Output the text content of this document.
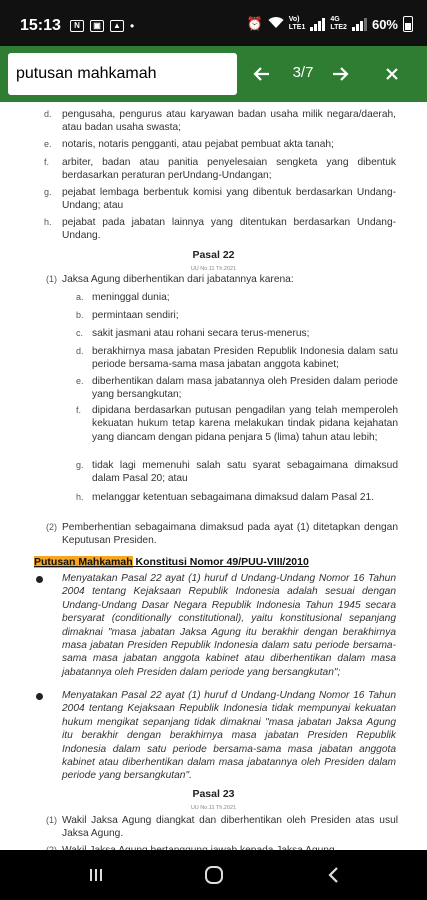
15:13	N	▣	▲ •	⏰	Vo)
LTE1
4G
LTE2 60%
putusan mahkamah
3/7
d. pengusaha, pengurus atau karyawan badan usaha milik negara/daerah, atau badan usaha swasta;
e. notaris, notaris pengganti, atau pejabat pembuat akta tanah;
f. arbiter, badan atau panitia penyelesaian sengketa yang dibentuk berdasarkan peraturan perUndang-Undangan;
g. pejabat lembaga berbentuk komisi yang dibentuk berdasarkan Undang-Undang; atau
h. pejabat pada jabatan lainnya yang ditentukan berdasarkan Undang-Undang.
Pasal 22
UU No.11 Th.2021
(1) Jaksa Agung diberhentikan dari jabatannya karena:
a. meninggal dunia;
b. permintaan sendiri;
c. sakit jasmani atau rohani secara terus-menerus;
d. berakhirnya masa jabatan Presiden Republik Indonesia dalam satu periode bersama-sama masa jabatan anggota kabinet;
e. diberhentikan dalam masa jabatannya oleh Presiden dalam periode yang bersangkutan;
f. dipidana berdasarkan putusan pengadilan yang telah memperoleh kekuatan hukum tetap karena melakukan tindak pidana kejahatan yang diancam dengan pidana penjara 5 (lima) tahun atau lebih;
g. tidak lagi memenuhi salah satu syarat sebagaimana dimaksud dalam Pasal 20; atau
h. melanggar ketentuan sebagaimana dimaksud dalam Pasal 21.
(2) Pemberhentian sebagaimana dimaksud pada ayat (1) ditetapkan dengan Keputusan Presiden.
Putusan Mahkamah Konstitusi Nomor 49/PUU-VIII/2010
Menyatakan Pasal 22 ayat (1) huruf d Undang-Undang Nomor 16 Tahun 2004 tentang Kejaksaan Republik Indonesia adalah sesuai dengan Undang-Undang Dasar Negara Republik Indonesia Tahun 1945 secara bersyarat (conditionally constitutional), yaitu konstitusional sepanjang dimaknai "masa jabatan Jaksa Agung itu berakhir dengan berakhirnya masa jabatan Presiden Republik Indonesia dalam satu periode bersama-sama masa jabatan anggota kabinet atau diberhentikan dalam masa jabatannya oleh Presiden dalam periode yang bersangkutan";
Menyatakan Pasal 22 ayat (1) huruf d Undang-Undang Nomor 16 Tahun 2004 tentang Kejaksaan Republik Indonesia tidak mempunyai kekuatan hukum mengikat sepanjang tidak dimaknai "masa jabatan Jaksa Agung itu berakhir dengan berakhirnya masa jabatan Presiden Republik Indonesia dalam satu periode bersama-sama masa jabatan anggota kabinet atau diberhentikan dalam masa jabatannya oleh Presiden dalam periode yang bersangkutan".
Pasal 23
UU No.11 Th.2021
(1) Wakil Jaksa Agung diangkat dan diberhentikan oleh Presiden atas usul Jaksa Agung.
